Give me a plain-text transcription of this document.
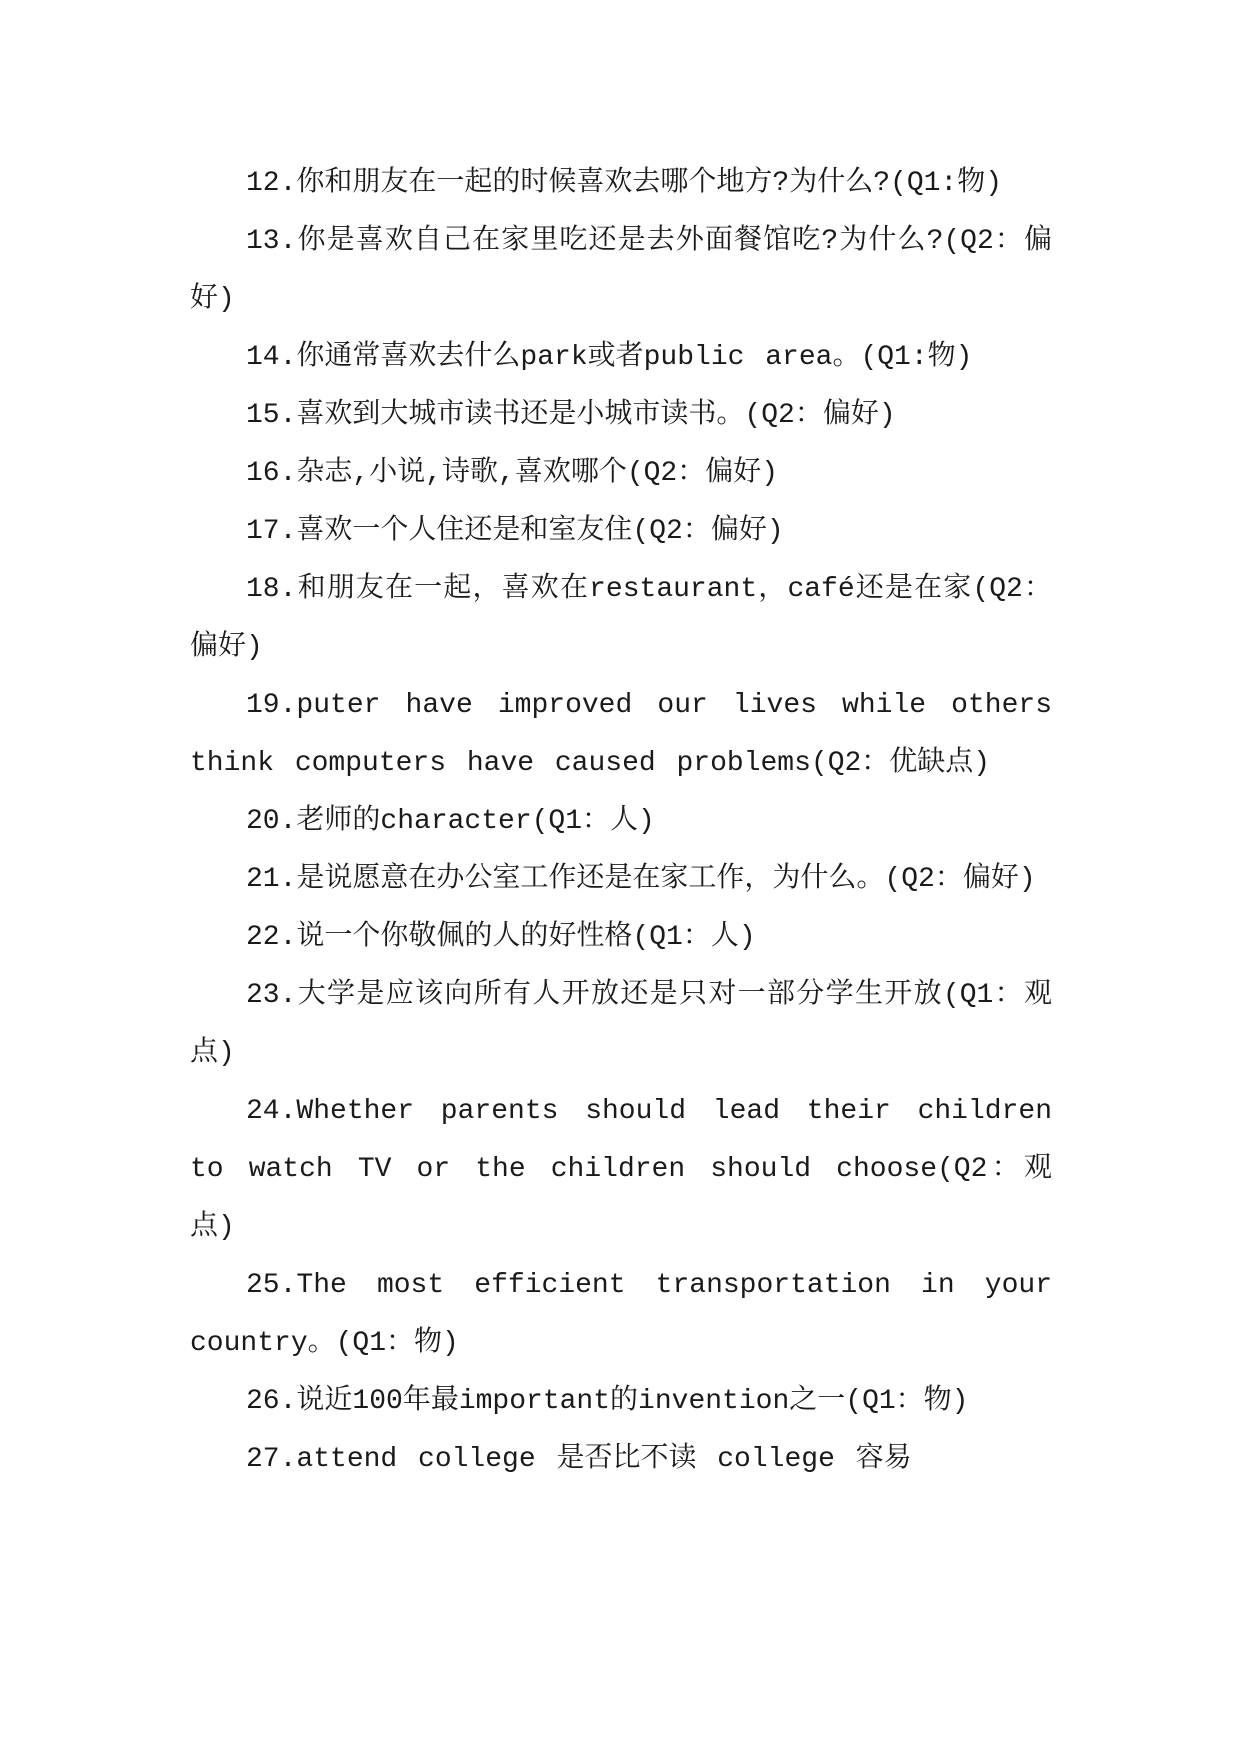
12.你和朋友在一起的时候喜欢去哪个地方?为什么?(Q1:物)

13.你是喜欢自己在家里吃还是去外面餐馆吃?为什么?(Q2：偏好)

14.你通常喜欢去什么park或者public area。(Q1:物)

15.喜欢到大城市读书还是小城市读书。(Q2：偏好)

16.杂志,小说,诗歌,喜欢哪个(Q2：偏好)

17.喜欢一个人住还是和室友住(Q2：偏好)

18.和朋友在一起，喜欢在restaurant，café还是在家(Q2：偏好)

19.puter have improved our lives while others think computers have caused problems(Q2：优缺点)

20.老师的character(Q1：人)

21.是说愿意在办公室工作还是在家工作，为什么。(Q2：偏好)

22.说一个你敬佩的人的好性格(Q1：人)

23.大学是应该向所有人开放还是只对一部分学生开放(Q1：观点)

24.Whether parents should lead their children to watch TV or the children should choose(Q2：观点)

25.The most efficient transportation in your country。(Q1：物)

26.说近100年最important的invention之一(Q1：物)

27.attend college 是否比不读 college 容易
